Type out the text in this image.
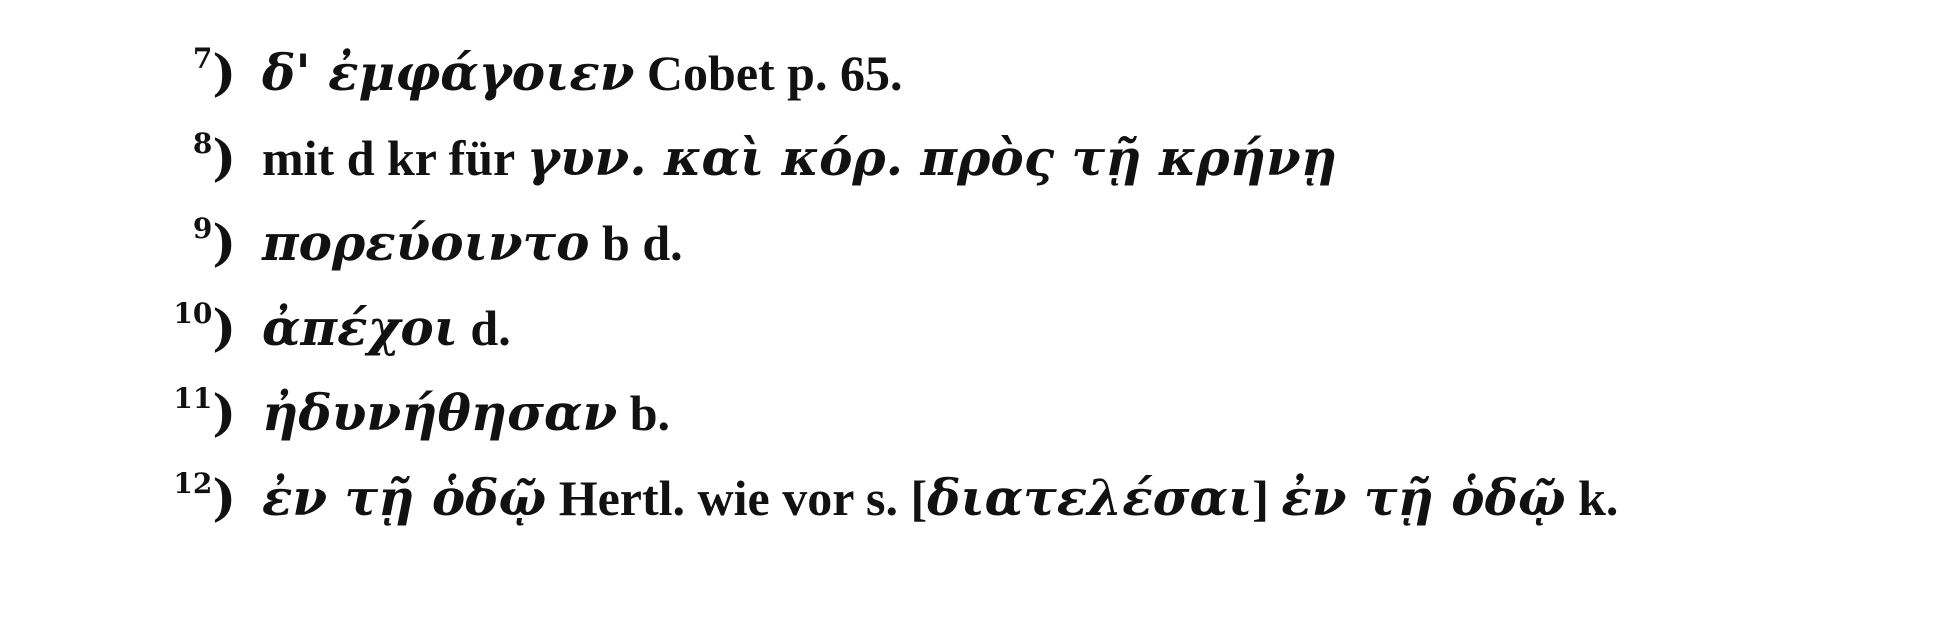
$^7$) δ' ἐμφάγοιεν Cobet p. 65.
$^8$) mit d kr für γυν. καὶ κόρ. πρὸς τῇ κρήνῃ
$^9$) πορεύοιντο b d.
$^{10}$) ἀπέχοι d.
$^{11}$) ἠδυνήθησαν b.
$^{12}$) ἐν τῇ ὁδῷ Hertl. wie vor s. [διατελέσαι] ἐν τῇ ὁδῷ k.
